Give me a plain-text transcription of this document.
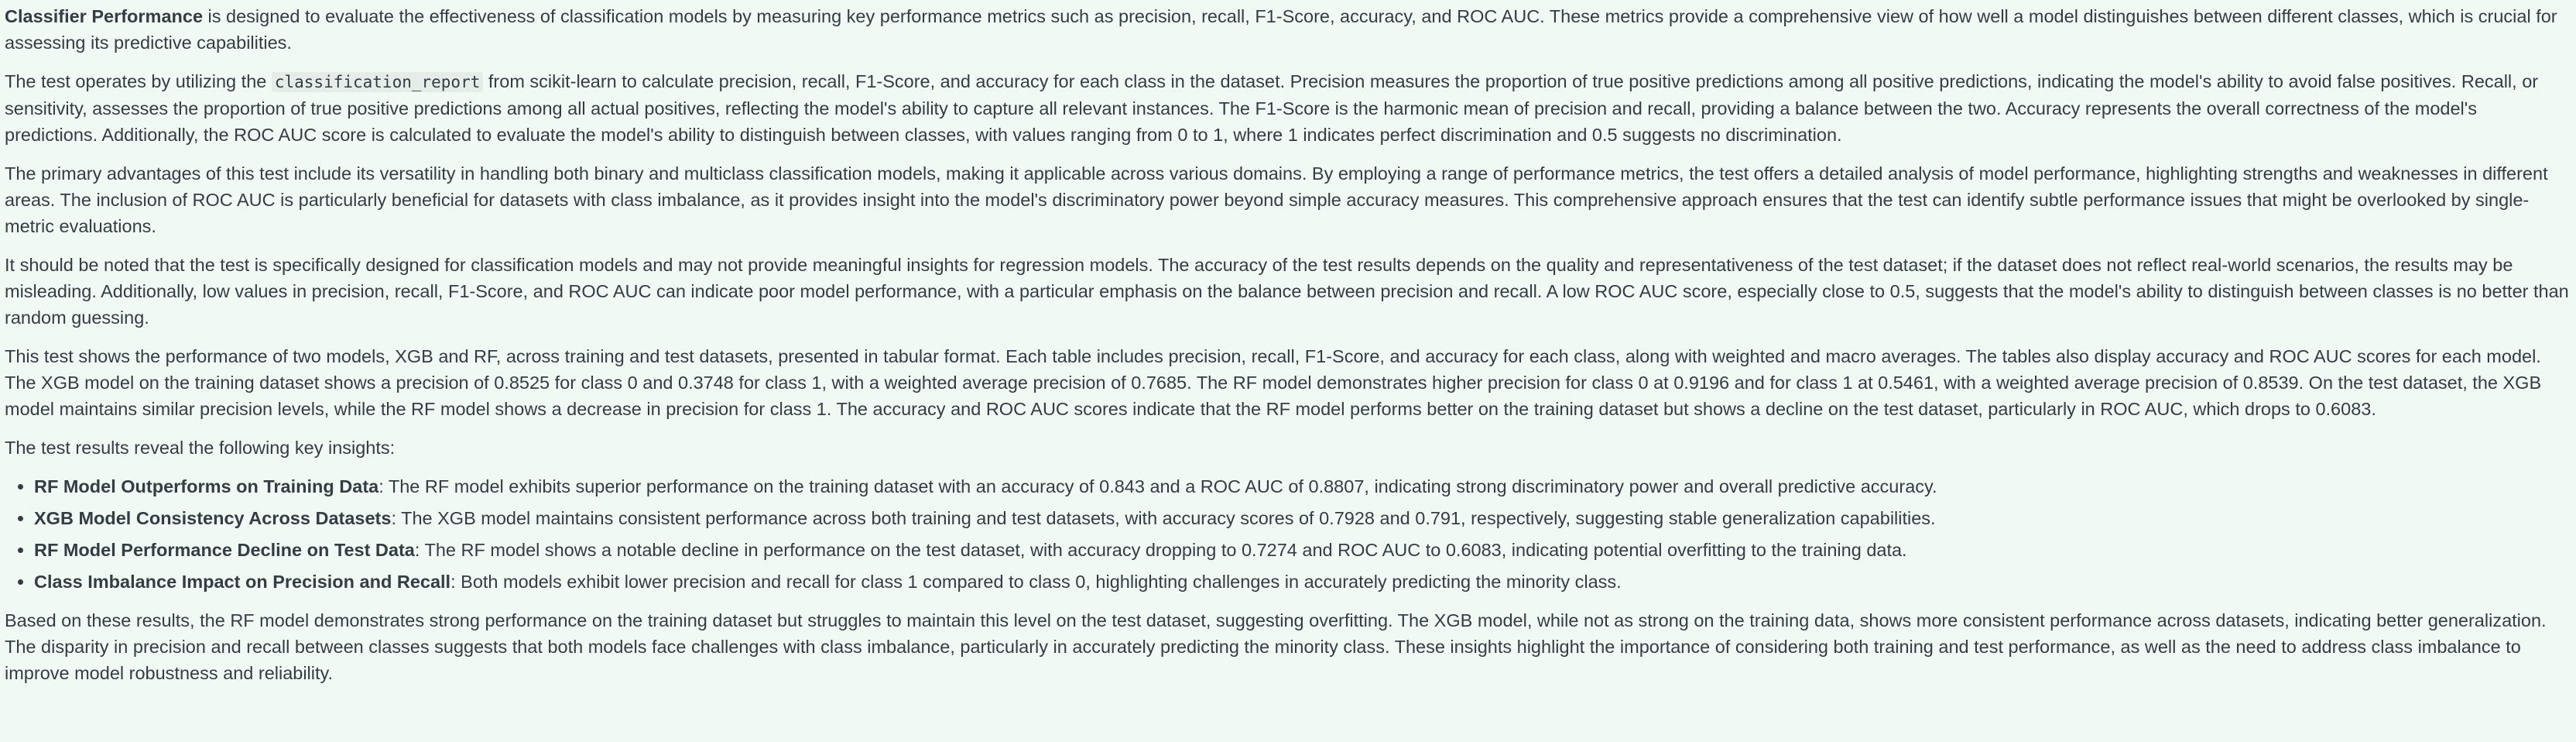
Classifier Performance is designed to evaluate the effectiveness of classification models by measuring key performance metrics such as precision, recall, F1-Score, accuracy, and ROC AUC. These metrics provide a comprehensive view of how well a model distinguishes between different classes, which is crucial for assessing its predictive capabilities.

The test operates by utilizing the classification_report from scikit-learn to calculate precision, recall, F1-Score, and accuracy for each class in the dataset. Precision measures the proportion of true positive predictions among all positive predictions, indicating the model's ability to avoid false positives. Recall, or sensitivity, assesses the proportion of true positive predictions among all actual positives, reflecting the model's ability to capture all relevant instances. The F1-Score is the harmonic mean of precision and recall, providing a balance between the two. Accuracy represents the overall correctness of the model's predictions. Additionally, the ROC AUC score is calculated to evaluate the model's ability to distinguish between classes, with values ranging from 0 to 1, where 1 indicates perfect discrimination and 0.5 suggests no discrimination.

The primary advantages of this test include its versatility in handling both binary and multiclass classification models, making it applicable across various domains. By employing a range of performance metrics, the test offers a detailed analysis of model performance, highlighting strengths and weaknesses in different areas. The inclusion of ROC AUC is particularly beneficial for datasets with class imbalance, as it provides insight into the model's discriminatory power beyond simple accuracy measures. This comprehensive approach ensures that the test can identify subtle performance issues that might be overlooked by single-metric evaluations.

It should be noted that the test is specifically designed for classification models and may not provide meaningful insights for regression models. The accuracy of the test results depends on the quality and representativeness of the test dataset; if the dataset does not reflect real-world scenarios, the results may be misleading. Additionally, low values in precision, recall, F1-Score, and ROC AUC can indicate poor model performance, with a particular emphasis on the balance between precision and recall. A low ROC AUC score, especially close to 0.5, suggests that the model's ability to distinguish between classes is no better than random guessing.

This test shows the performance of two models, XGB and RF, across training and test datasets, presented in tabular format. Each table includes precision, recall, F1-Score, and accuracy for each class, along with weighted and macro averages. The tables also display accuracy and ROC AUC scores for each model. The XGB model on the training dataset shows a precision of 0.8525 for class 0 and 0.3748 for class 1, with a weighted average precision of 0.7685. The RF model demonstrates higher precision for class 0 at 0.9196 and for class 1 at 0.5461, with a weighted average precision of 0.8539. On the test dataset, the XGB model maintains similar precision levels, while the RF model shows a decrease in precision for class 1. The accuracy and ROC AUC scores indicate that the RF model performs better on the training dataset but shows a decline on the test dataset, particularly in ROC AUC, which drops to 0.6083.

The test results reveal the following key insights:

• RF Model Outperforms on Training Data: The RF model exhibits superior performance on the training dataset with an accuracy of 0.843 and a ROC AUC of 0.8807, indicating strong discriminatory power and overall predictive accuracy.
• XGB Model Consistency Across Datasets: The XGB model maintains consistent performance across both training and test datasets, with accuracy scores of 0.7928 and 0.791, respectively, suggesting stable generalization capabilities.
• RF Model Performance Decline on Test Data: The RF model shows a notable decline in performance on the test dataset, with accuracy dropping to 0.7274 and ROC AUC to 0.6083, indicating potential overfitting to the training data.
• Class Imbalance Impact on Precision and Recall: Both models exhibit lower precision and recall for class 1 compared to class 0, highlighting challenges in accurately predicting the minority class.

Based on these results, the RF model demonstrates strong performance on the training dataset but struggles to maintain this level on the test dataset, suggesting overfitting. The XGB model, while not as strong on the training data, shows more consistent performance across datasets, indicating better generalization. The disparity in precision and recall between classes suggests that both models face challenges with class imbalance, particularly in accurately predicting the minority class. These insights highlight the importance of considering both training and test performance, as well as the need to address class imbalance to improve model robustness and reliability.
